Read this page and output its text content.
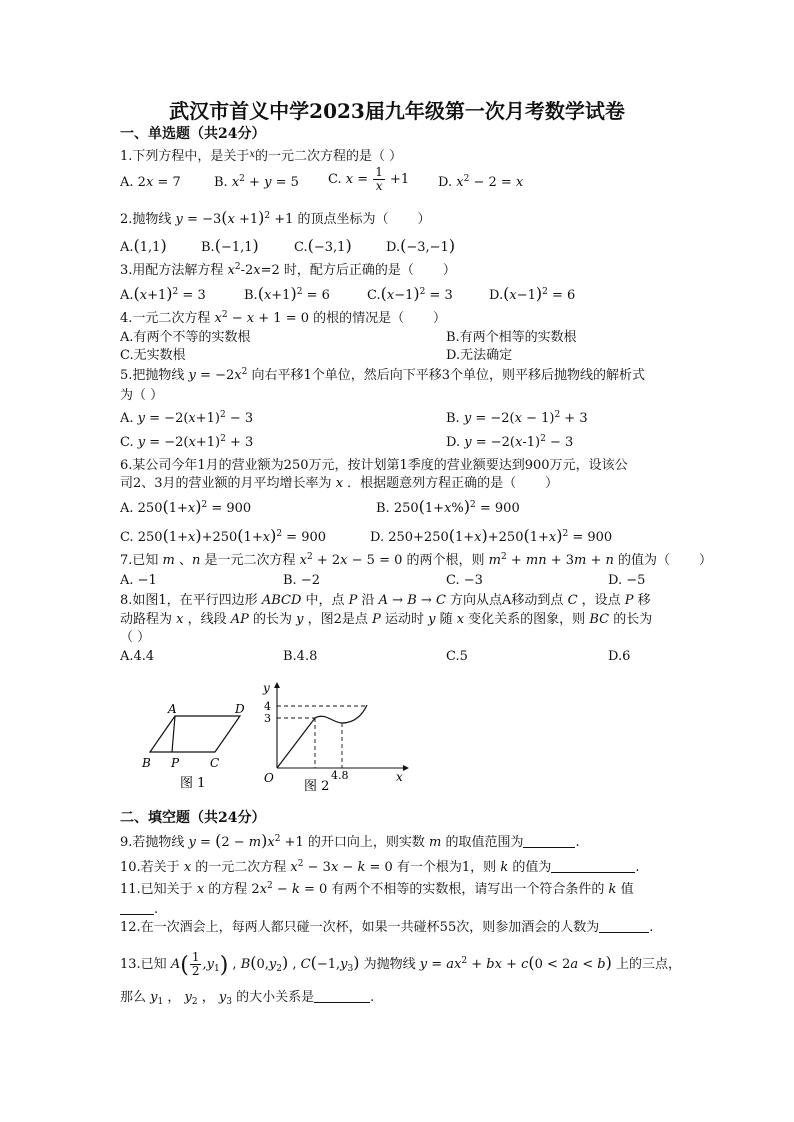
武汉市首义中学2023届九年级第一次月考数学试卷
一、单选题（共24分）
1.下列方程中，是关于$^x$的一元二次方程的是（ ）
A. 2x = 7	B. $x^2 + y = 5$ C. $x = \frac{1}{x} +1$ D. $x^2 - 2 = x$
2.抛物线 $y = -3(x +1)^2 +1$ 的顶点坐标为（       ）
A.(1,1)	B.(−1,1)	C.(−3,1)	D.(−3,−1)
3.用配方法解方程 $x^2-2x=2$ 时，配方后正确的是（       ）
$A.(x+1)^2 = 3$	$B.(x+1)^2 = 6$	$C.(x-1)^2 = 3$	$D.(x-1)^2 = 6$
4.一元二次方程 $x^2 - x + 1 = 0$ 的根的情况是（       ）
A.有两个不等的实数根	B.有两个相等的实数根
C.无实数根	D.无法确定
5.把抛物线 $y = -2x^2$ 向右平移1个单位，然后向下平移3个单位，则平移后抛物线的解析式
为（ ）
A. $y = -2(x+1)^2 - 3$	B. $y = -2(x - 1)^2 + 3$
C. $y = -2(x+1)^2 + 3$	D. $y = -2(x-1)^2 - 3$
6.某公司今年1月的营业额为250万元，按计划第1季度的营业额要达到900万元，设该公
司2、3月的营业额的月平均增长率为 x ．根据题意列方程正确的是（       ）
A. $250(1+x)^2 = 900$	B. $250(1+x\%)^2 = 900$
C. $250(1+x)+250(1+x)^2 = 900$	D. $250+250(1+x)+250(1+x)^2 = 900$
7.已知 m 、n 是一元二次方程 $x^2 + 2x - 5 = 0$ 的两个根，则 $m^2$ + mn + 3m + n 的值为（       ）
A. −1	B. −2	C. −3	D. −5
8.如图1，在平行四边形 ABCD 中，点 P 沿 A → B → C 方向从点A移动到点 C ，设点 P 移
动路程为 x ，线段 AP 的长为 y ，图2是点 P 运动时 y 随 x 变化关系的图象，则 BC 的长为
（ ）
A.4.4	B.4.8	C.5	D.6
A	D
B P	C
图 1
y
x
O
4
3
4.8
图 2
二、填空题（共24分）
9.若抛物线 $y = (2 - m)x^2 +1$ 的开口向上，则实数 m 的取值范围为	.
10.若关于 x 的一元二次方程 $x^2 - 3x - k = 0$ 有一个根为1，则 k 的值为	.
11.已知关于 x 的方程 $2x^2 - k = 0$ 有两个不相等的实数根，请写出一个符合条件的 k 值
.
12.在一次酒会上，每两人都只碰一次杯，如果一共碰杯55次，则参加酒会的人数为	.
13.已知 $A( \frac{1}{2} ,y_1)$ , $B(0,y_2)$ , $C(-1,y_3)$ 为抛物线 $y = ax^2$ + bx + c(0 < 2a < b) 上的三点，
那么 $y_1$ ， $y_2$ ， $y_3$ 的大小关系是	.
